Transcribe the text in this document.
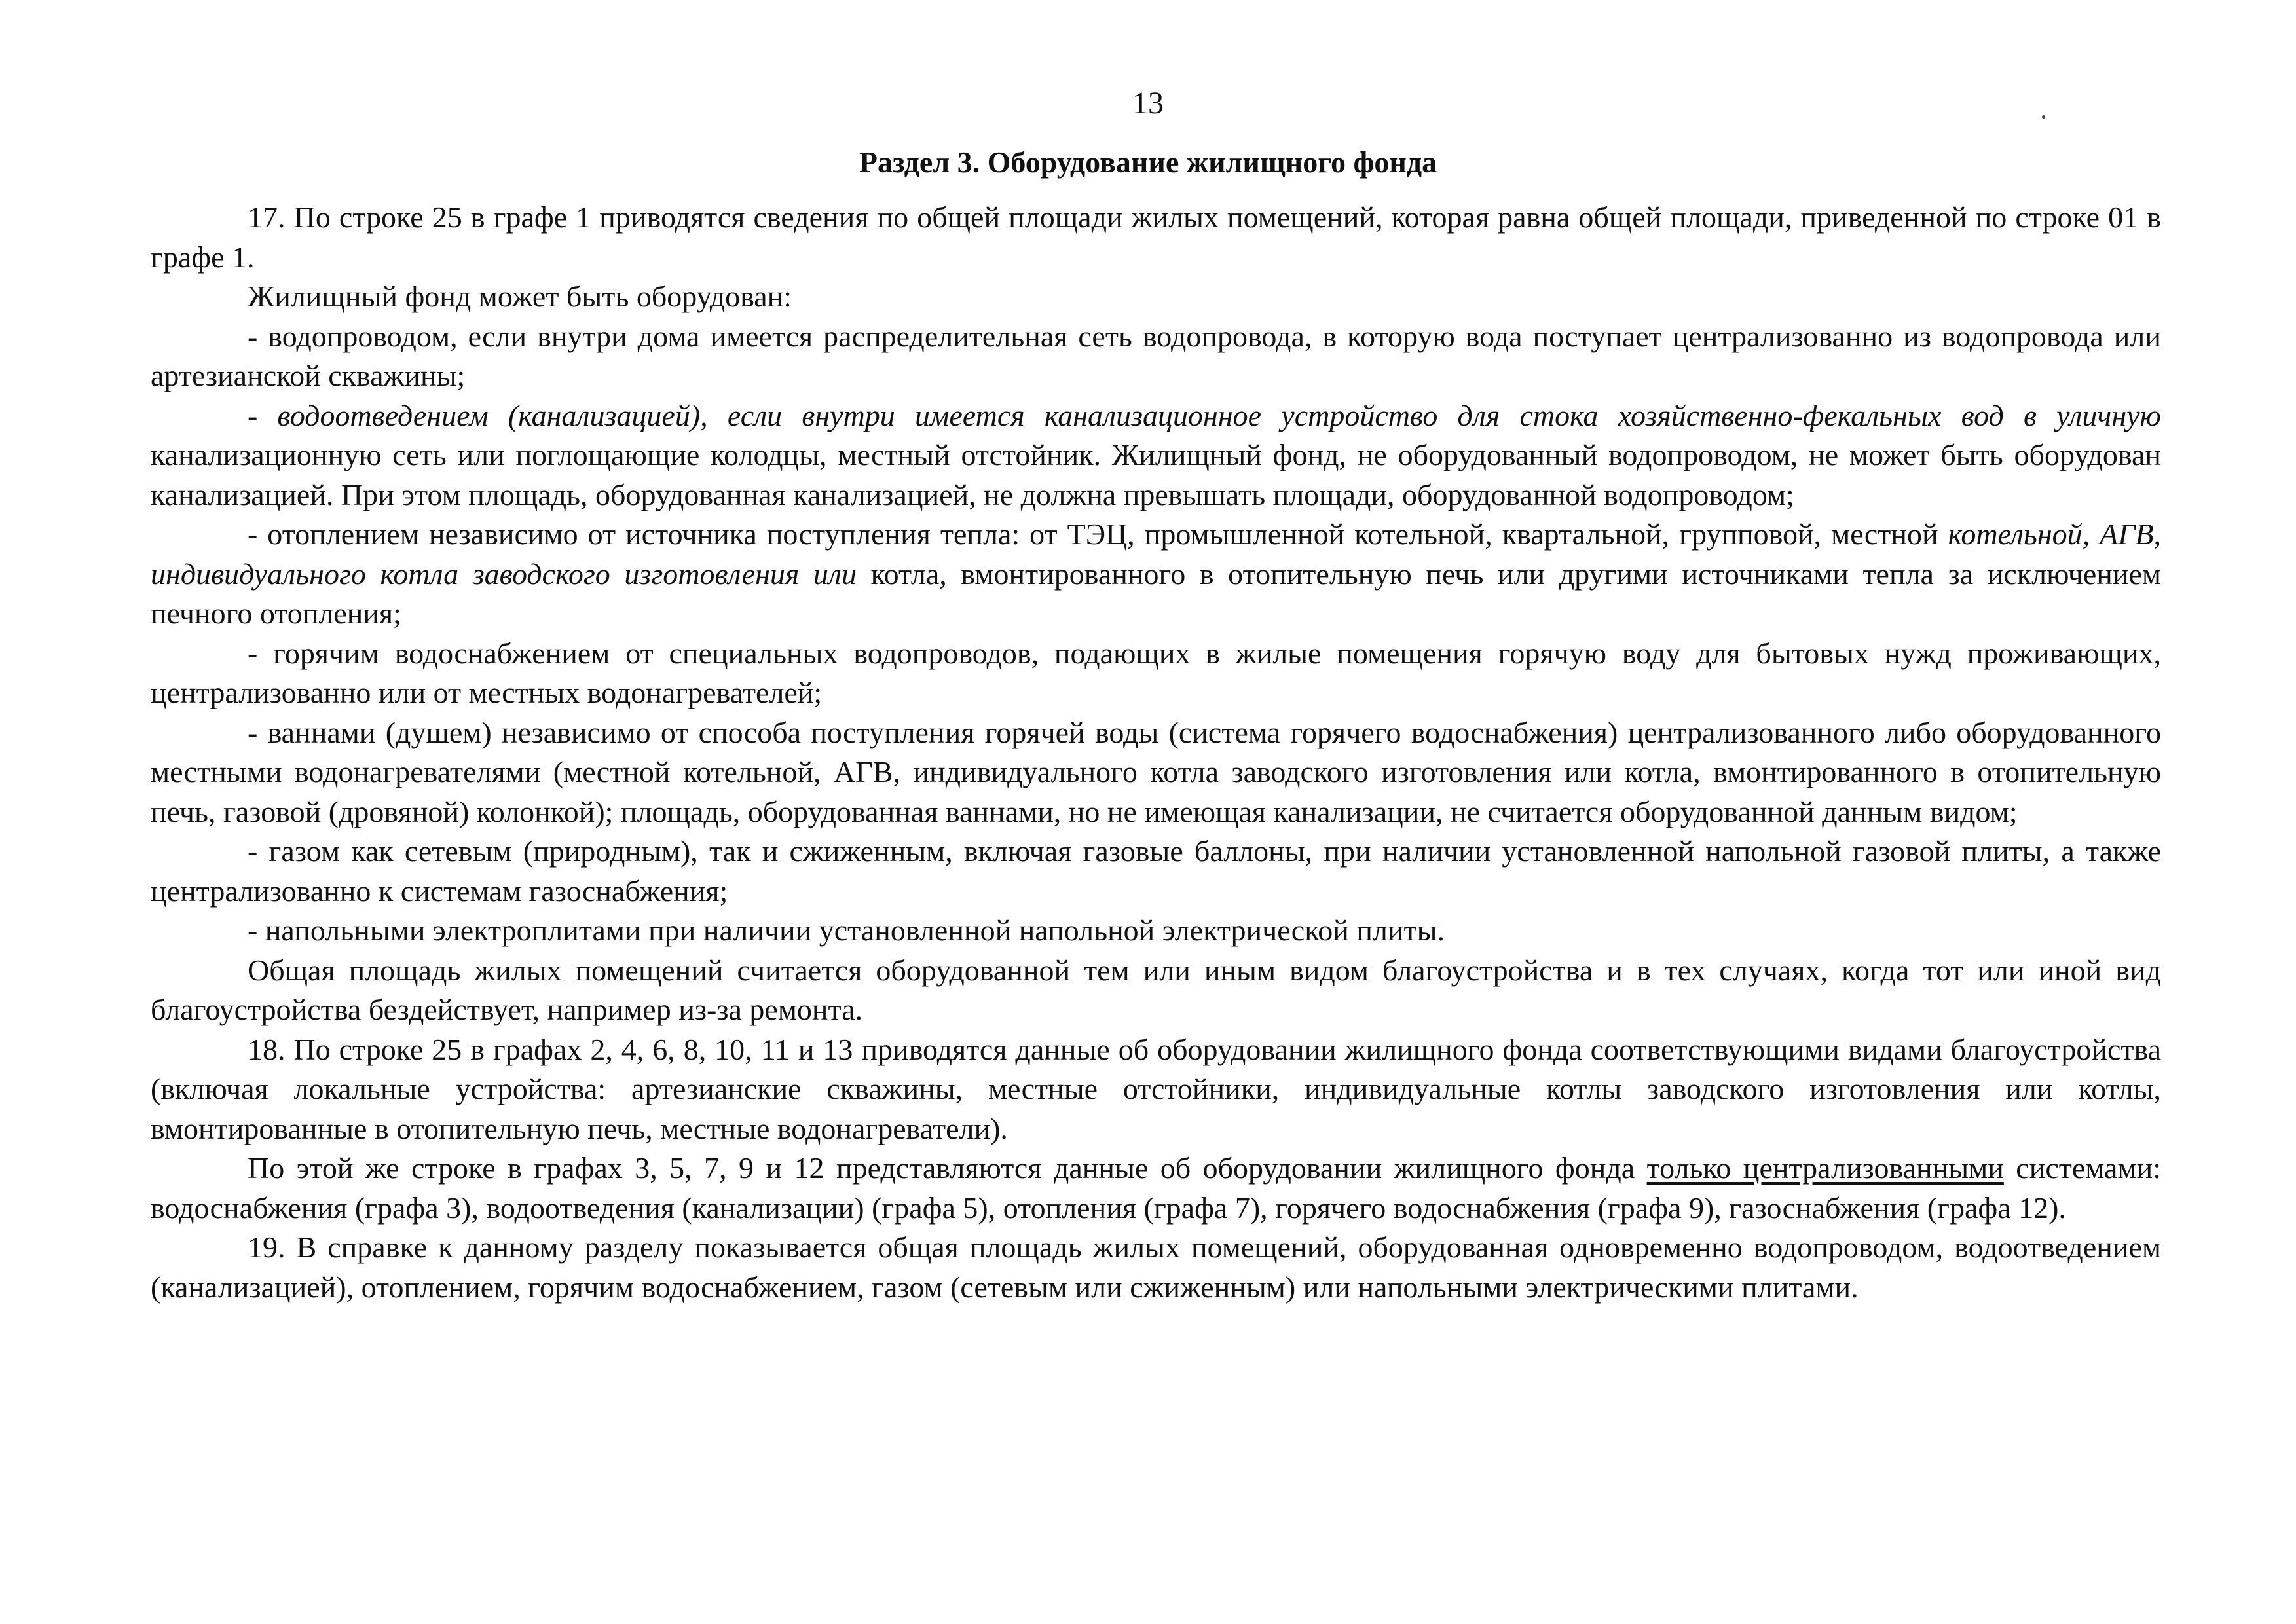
13
Раздел 3. Оборудование жилищного фонда

17. По строке 25 в графе 1 приводятся сведения по общей площади жилых помещений, которая равна общей площади, приведенной по строке 01 в графе 1.

Жилищный фонд может быть оборудован:

- водопроводом, если внутри дома имеется распределительная сеть водопровода, в которую вода поступает централизованно из водопровода или артезианской скважины;

- водоотведением (канализацией), если внутри имеется канализационное устройство для стока хозяйственно-фекальных вод в уличную канализационную сеть или поглощающие колодцы, местный отстойник. Жилищный фонд, не оборудованный водопроводом, не может быть оборудован канализацией. При этом площадь, оборудованная канализацией, не должна превышать площади, оборудованной водопроводом;

- отоплением независимо от источника поступления тепла: от ТЭЦ, промышленной котельной, квартальной, групповой, местной котельной, АГВ, индивидуального котла заводского изготовления или котла, вмонтированного в отопительную печь или другими источниками тепла за исключением печного отопления;

- горячим водоснабжением от специальных водопроводов, подающих в жилые помещения горячую воду для бытовых нужд проживающих, централизованно или от местных водонагревателей;

- ваннами (душем) независимо от способа поступления горячей воды (система горячего водоснабжения) централизованного либо оборудованного местными водонагревателями (местной котельной, АГВ, индивидуального котла заводского изготовления или котла, вмонтированного в отопительную печь, газовой (дровяной) колонкой); площадь, оборудованная ваннами, но не имеющая канализации, не считается оборудованной данным видом;

- газом как сетевым (природным), так и сжиженным, включая газовые баллоны, при наличии установленной напольной газовой плиты, а также централизованно к системам газоснабжения;

- напольными электроплитами при наличии установленной напольной электрической плиты.

Общая площадь жилых помещений считается оборудованной тем или иным видом благоустройства и в тех случаях, когда тот или иной вид благоустройства бездействует, например из-за ремонта.

18. По строке 25 в графах 2, 4, 6, 8, 10, 11 и 13 приводятся данные об оборудовании жилищного фонда соответствующими видами благоустройства (включая локальные устройства: артезианские скважины, местные отстойники, индивидуальные котлы заводского изготовления или котлы, вмонтированные в отопительную печь, местные водонагреватели).

По этой же строке в графах 3, 5, 7, 9 и 12 представляются данные об оборудовании жилищного фонда только централизованными системами: водоснабжения (графа 3), водоотведения (канализации) (графа 5), отопления (графа 7), горячего водоснабжения (графа 9), газоснабжения (графа 12).

19. В справке к данному разделу показывается общая площадь жилых помещений, оборудованная одновременно водопроводом, водоотведением (канализацией), отоплением, горячим водоснабжением, газом (сетевым или сжиженным) или напольными электрическими плитами.
